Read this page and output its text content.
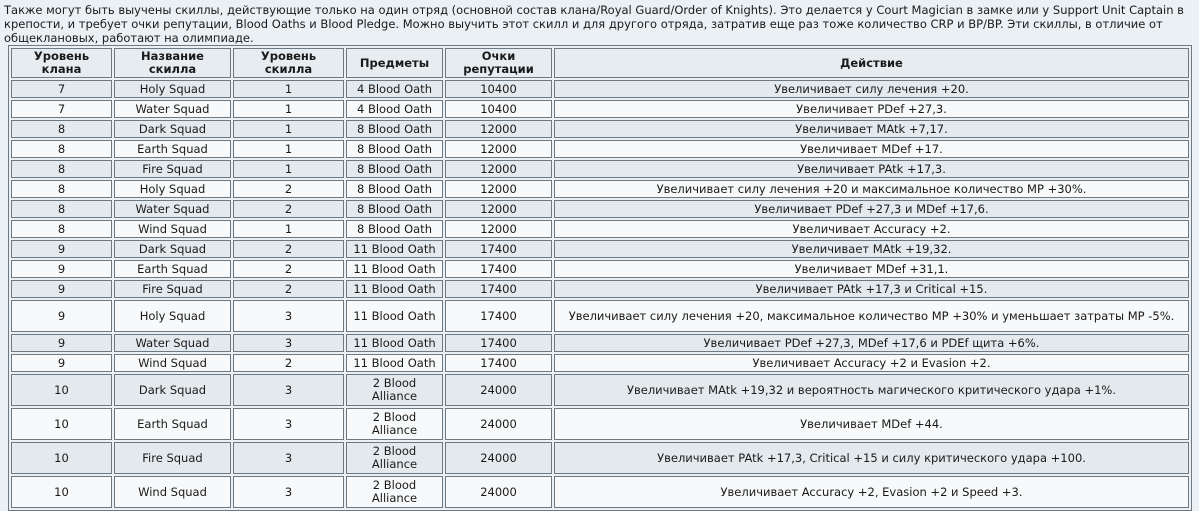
Также могут быть выучены скиллы, действующие только на один отряд (основной состав клана/Royal Guard/Order of Knights). Это делается у Court Magician в замке или у Support Unit Captain в крепости, и требует очки репутации, Blood Oaths и Blood Pledge. Можно выучить этот скилл и для другого отряда, затратив еще раз тоже количество CRP и BP/BP. Эти скиллы, в отличие от общеклановых, работают на олимпиаде.
Уровень клана	Название скилла	Уровень скилла	Предметы	Очки репутации	Действие
7	Holy Squad	1	4 Blood Oath	10400	Увеличивает силу лечения +20.
7	Water Squad	1	4 Blood Oath	10400	Увеличивает PDef +27,3.
8	Dark Squad	1	8 Blood Oath	12000	Увеличивает MAtk +7,17.
8	Earth Squad	1	8 Blood Oath	12000	Увеличивает MDef +17.
8	Fire Squad	1	8 Blood Oath	12000	Увеличивает PAtk +17,3.
8	Holy Squad	2	8 Blood Oath	12000	Увеличивает силу лечения +20 и максимальное количество MP +30%.
8	Water Squad	2	8 Blood Oath	12000	Увеличивает PDef +27,3 и MDef +17,6.
8	Wind Squad	1	8 Blood Oath	12000	Увеличивает Accuracy +2.
9	Dark Squad	2	11 Blood Oath	17400	Увеличивает MAtk +19,32.
9	Earth Squad	2	11 Blood Oath	17400	Увеличивает MDef +31,1.
9	Fire Squad	2	11 Blood Oath	17400	Увеличивает PAtk +17,3 и Critical +15.
9	Holy Squad	3	11 Blood Oath	17400	Увеличивает силу лечения +20, максимальное количество MP +30% и уменьшает затраты MP -5%.
9	Water Squad	3	11 Blood Oath	17400	Увеличивает PDef +27,3, MDef +17,6 и PDEf щита +6%.
9	Wind Squad	2	11 Blood Oath	17400	Увеличивает Accuracy +2 и Evasion +2.
10	Dark Squad	3	2 Blood Alliance	24000	Увеличивает MAtk +19,32 и вероятность магического критического удара +1%.
10	Earth Squad	3	2 Blood Alliance	24000	Увеличивает MDef +44.
10	Fire Squad	3	2 Blood Alliance	24000	Увеличивает PAtk +17,3, Critical +15 и силу критического удара +100.
10	Wind Squad	3	2 Blood Alliance	24000	Увеличивает Accuracy +2, Evasion +2 и Speed +3.
